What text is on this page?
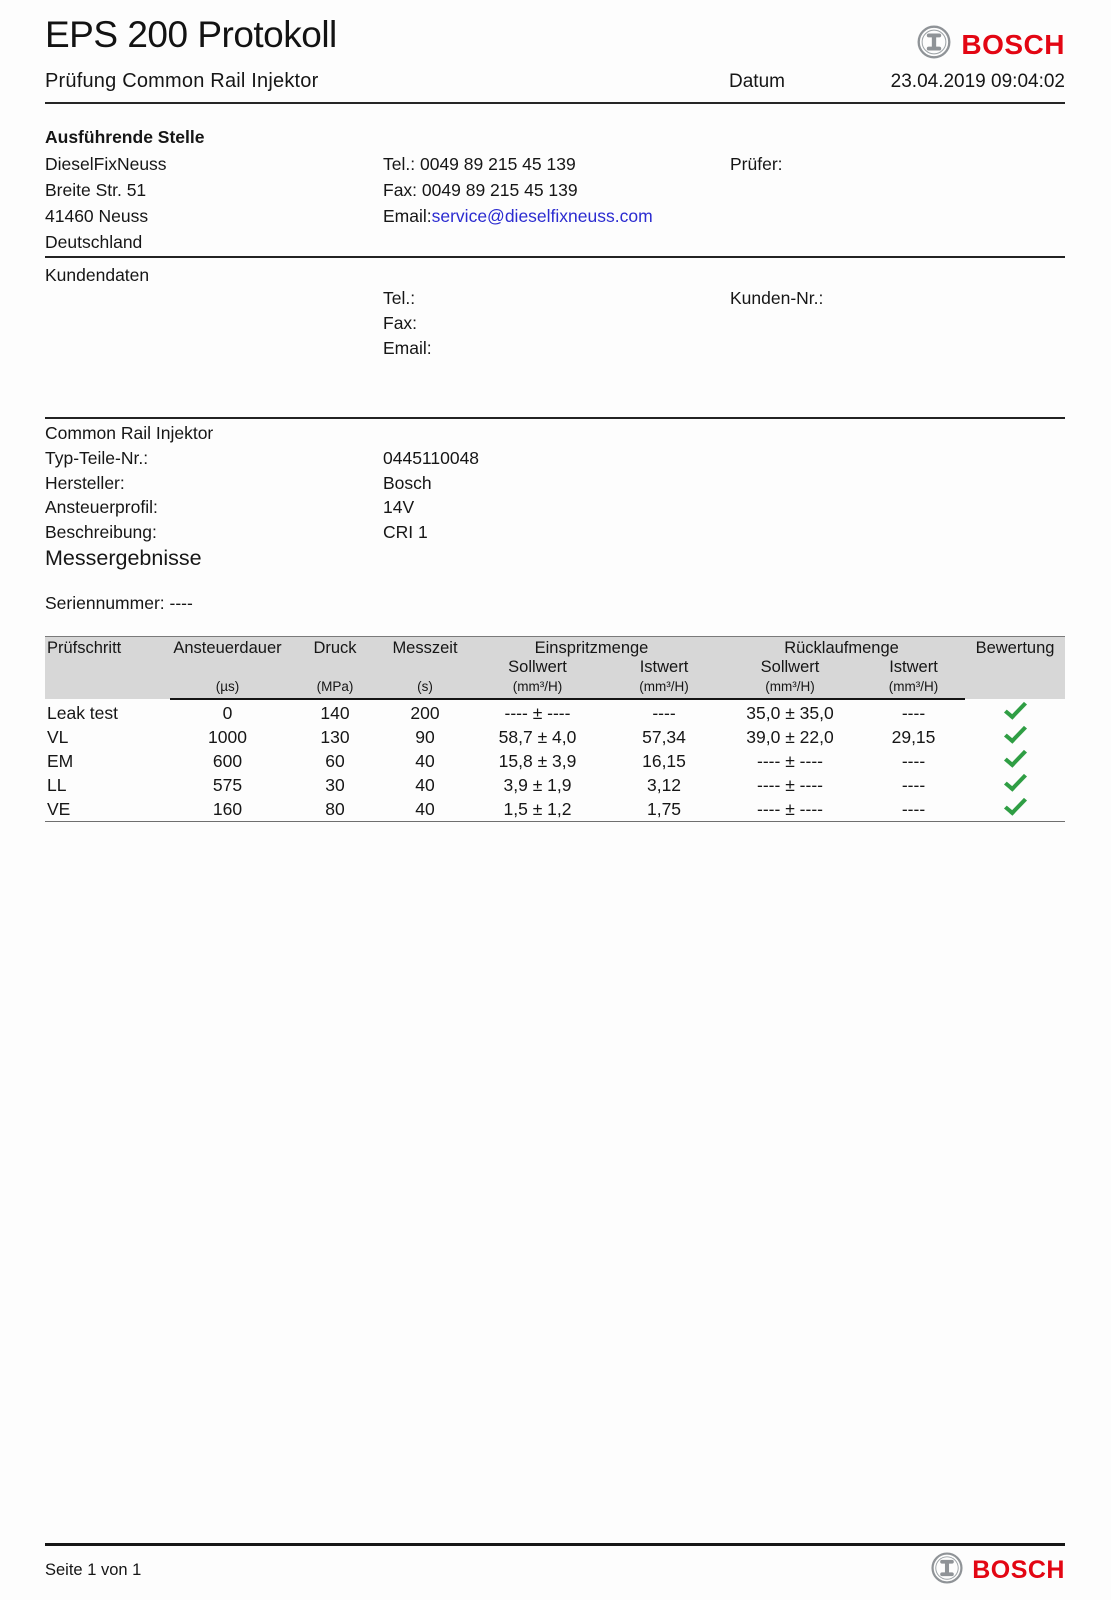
EPS 200 Protokoll	BOSCH
Prüfung Common Rail Injektor	Datum	23.04.2019 09:04:02
Ausführende Stelle
DieselFixNeuss
Breite Str. 51
41460 Neuss
Deutschland
Tel.: 0049 89 215 45 139
Fax: 0049 89 215 45 139
Email:service@dieselfixneuss.com
Prüfer:
Kundendaten
Tel.:
Fax:
Email:
Kunden-Nr.:
Common Rail Injektor
Typ-Teile-Nr.:	0445110048
Hersteller:	Bosch
Ansteuerprofil:	14V
Beschreibung:	CRI 1
Messergebnisse
Seriennummer: ----
Prüfschritt	Ansteuerdauer	Druck	Messzeit	Einspritzmenge		Rücklaufmenge		Bewertung
				Sollwert	Istwert	Sollwert	Istwert	
	(µs)	(MPa)	(s)	(mm³/H)	(mm³/H)	(mm³/H)	(mm³/H)	
Leak test	0	140	200	---- ± ----	----	35,0 ± 35,0	----	
VL	1000	130	90	58,7 ± 4,0	57,34	39,0 ± 22,0	29,15	
EM	600	60	40	15,8 ± 3,9	16,15	---- ± ----	----	
LL	575	30	40	3,9 ± 1,9	3,12	---- ± ----	----	
VE	160	80	40	1,5 ± 1,2	1,75	---- ± ----	----	
Seite 1 von 1	BOSCH
